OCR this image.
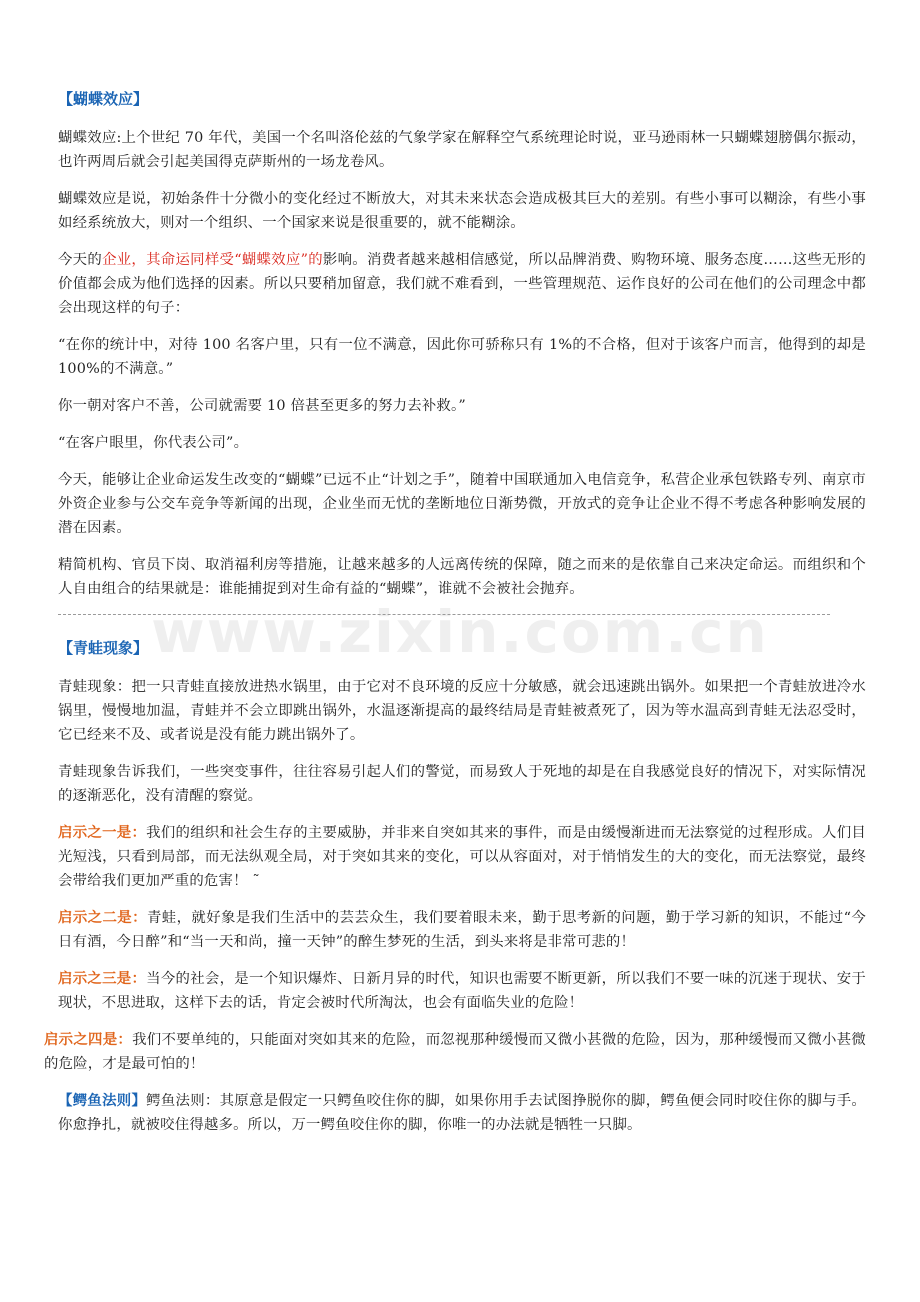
www.zixin.com.cn
【蝴蝶效应】

蝴蝶效应:上个世纪 70 年代，美国一个名叫洛伦兹的气象学家在解释空气系统理论时说，亚马逊雨林一只蝴蝶翅膀偶尔振动，也许两周后就会引起美国得克萨斯州的一场龙卷风。

蝴蝶效应是说，初始条件十分微小的变化经过不断放大，对其未来状态会造成极其巨大的差别。有些小事可以糊涂，有些小事如经系统放大，则对一个组织、一个国家来说是很重要的，就不能糊涂。

今天的企业，其命运同样受“蝴蝶效应”的影响。消费者越来越相信感觉，所以品牌消费、购物环境、服务态度……这些无形的价值都会成为他们选择的因素。所以只要稍加留意，我们就不难看到，一些管理规范、运作良好的公司在他们的公司理念中都会出现这样的句子：

“在你的统计中，对待 100 名客户里，只有一位不满意，因此你可骄称只有 1%的不合格，但对于该客户而言，他得到的却是 100%的不满意。”

你一朝对客户不善，公司就需要 10 倍甚至更多的努力去补救。”

“在客户眼里，你代表公司”。

今天，能够让企业命运发生改变的“蝴蝶”已远不止“计划之手”，随着中国联通加入电信竞争，私营企业承包铁路专列、南京市外资企业参与公交车竞争等新闻的出现，企业坐而无忧的垄断地位日渐势微，开放式的竞争让企业不得不考虑各种影响发展的潜在因素。

精简机构、官员下岗、取消福利房等措施，让越来越多的人远离传统的保障，随之而来的是依靠自己来决定命运。而组织和个人自由组合的结果就是：谁能捕捉到对生命有益的“蝴蝶”，谁就不会被社会抛弃。

【青蛙现象】

青蛙现象：把一只青蛙直接放进热水锅里，由于它对不良环境的反应十分敏感，就会迅速跳出锅外。如果把一个青蛙放进冷水锅里，慢慢地加温，青蛙并不会立即跳出锅外，水温逐渐提高的最终结局是青蛙被煮死了，因为等水温高到青蛙无法忍受时，它已经来不及、或者说是没有能力跳出锅外了。

青蛙现象告诉我们，一些突变事件，往往容易引起人们的警觉，而易致人于死地的却是在自我感觉良好的情况下，对实际情况的逐渐恶化，没有清醒的察觉。

启示之一是：我们的组织和社会生存的主要威胁，并非来自突如其来的事件，而是由缓慢渐进而无法察觉的过程形成。人们目光短浅，只看到局部，而无法纵观全局，对于突如其来的变化，可以从容面对，对于悄悄发生的大的变化，而无法察觉，最终会带给我们更加严重的危害！ ˜

启示之二是：青蛙，就好象是我们生活中的芸芸众生，我们要着眼未来，勤于思考新的问题，勤于学习新的知识，不能过“今日有酒，今日醉”和“当一天和尚，撞一天钟”的醉生梦死的生活，到头来将是非常可悲的！

启示之三是：当今的社会，是一个知识爆炸、日新月异的时代，知识也需要不断更新，所以我们不要一味的沉迷于现状、安于现状，不思进取，这样下去的话，肯定会被时代所淘汰，也会有面临失业的危险！

启示之四是：我们不要单纯的，只能面对突如其来的危险，而忽视那种缓慢而又微小甚微的危险，因为，那种缓慢而又微小甚微的危险，才是最可怕的！

【鳄鱼法则】鳄鱼法则：其原意是假定一只鳄鱼咬住你的脚，如果你用手去试图挣脱你的脚，鳄鱼便会同时咬住你的脚与手。你愈挣扎，就被咬住得越多。所以，万一鳄鱼咬住你的脚，你唯一的办法就是牺牲一只脚。
